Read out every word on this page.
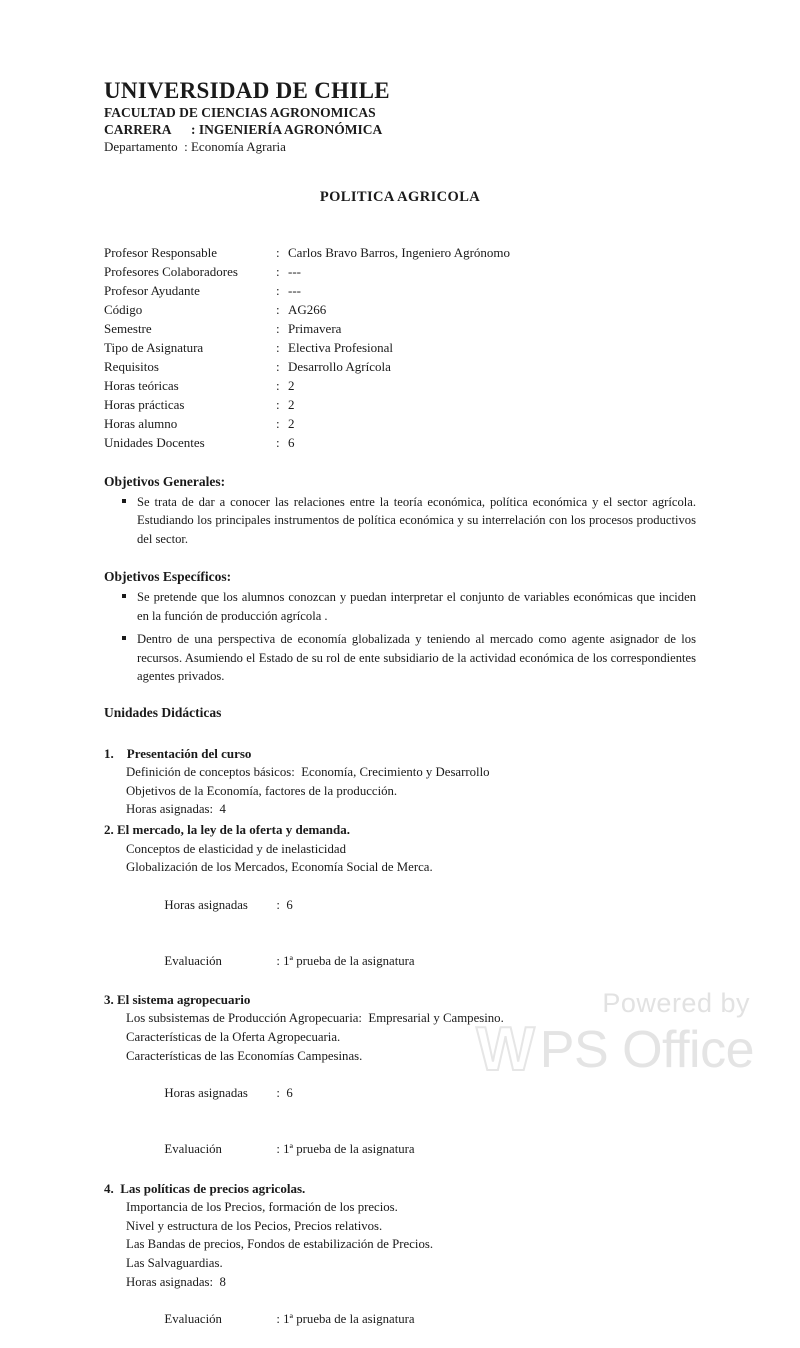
UNIVERSIDAD DE CHILE
FACULTAD DE CIENCIAS AGRONOMICAS
CARRERA      : INGENIERÍA AGRONÓMICA
Departamento  : Economía Agraria
POLITICA AGRICOLA
Profesor Responsable	:	Carlos Bravo Barros, Ingeniero Agrónomo
Profesores Colaboradores	:	---
Profesor Ayudante	:	---
Código	:	AG266
Semestre	:	Primavera
Tipo de Asignatura	:	Electiva Profesional
Requisitos	:	Desarrollo Agrícola
Horas teóricas	:	2
Horas prácticas	:	2
Horas alumno	:	2
Unidades Docentes	:	6
Objetivos Generales:
Se trata de dar a conocer las relaciones entre la teoría económica, política económica y el sector agrícola. Estudiando los principales instrumentos de política económica y su interrelación con los procesos productivos del sector.
Objetivos Específicos:
Se pretende que los alumnos conozcan y puedan interpretar el conjunto de variables económicas que inciden en la función de producción agrícola .
Dentro de una perspectiva de economía globalizada y teniendo al mercado como agente asignador de los recursos. Asumiendo el Estado de su rol de ente subsidiario de la actividad económica de los correspondientes agentes privados.
Unidades Didácticas
1.    Presentación del curso
Definición de conceptos básicos:  Economía, Crecimiento y Desarrollo
Objetivos de la Economía, factores de la producción.
Horas asignadas:  4
2. El mercado, la ley de la oferta y demanda.
Conceptos de elasticidad y de inelasticidad
Globalización de los Mercados, Economía Social de Merca.

Horas asignadas :  6

Evaluación	: 1ª prueba de la asignatura

3. El sistema agropecuario
Los subsistemas de Producción Agropecuaria:  Empresarial y Campesino.
Características de la Oferta Agropecuaria.
Características de las Economías Campesinas.

Horas asignadas :  6

Evaluación	: 1ª prueba de la asignatura

4.  Las políticas de precios agricolas.
Importancia de los Precios, formación de los precios.
Nivel y estructura de los Pecios, Precios relativos.
Las Bandas de precios, Fondos de estabilización de Precios.
Las Salvaguardias.
Horas asignadas:  8

Evaluación	: 1ª prueba de la asignatura

Powered by
W PS Office
